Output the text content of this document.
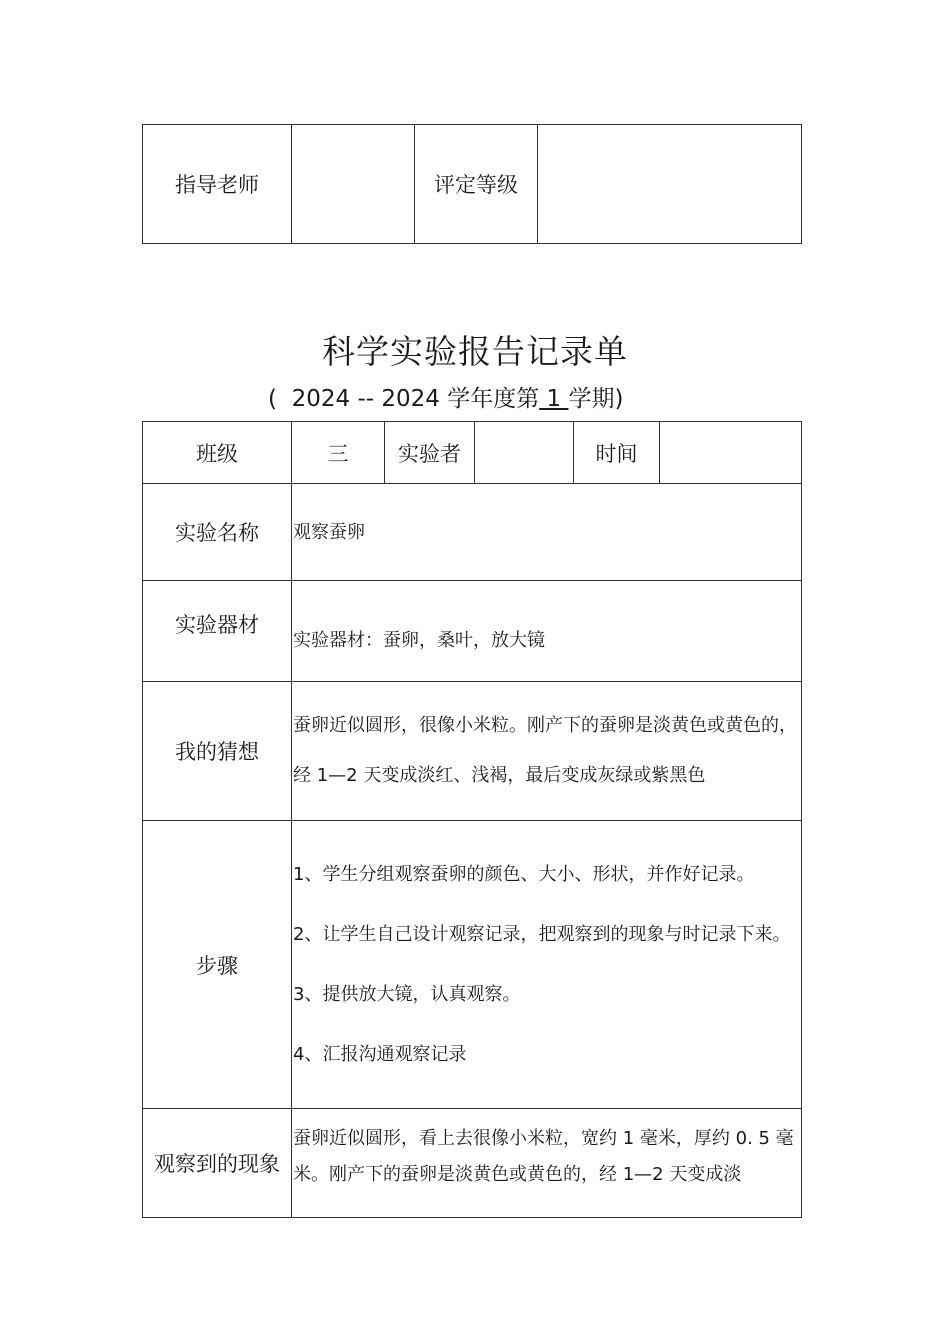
指导老师		评定等级	
科学实验报告记录单
(  2024 -- 2024 学年度第 1 学期)
班级	三	实验者		时间	
实验名称	观察蚕卵				
实验器材	实验器材：蚕卵，桑叶，放大镜				
我的猜想	蚕卵近似圆形，很像小米粒。刚产下的蚕卵是淡黄色或黄色的，经 1—2 天变成淡红、浅褐，最后变成灰绿或紫黑色				
步骤	1、学生分组观察蚕卵的颜色、大小、形状，并作好记录。

2、让学生自己设计观察记录，把观察到的现象与时记录下来。

3、提供放大镜，认真观察。

4、汇报沟通观察记录				

观察到的现象	蚕卵近似圆形，看上去很像小米粒，宽约 1 毫米，厚约 0. 5 毫米。刚产下的蚕卵是淡黄色或黄色的，经 1—2 天变成淡				
